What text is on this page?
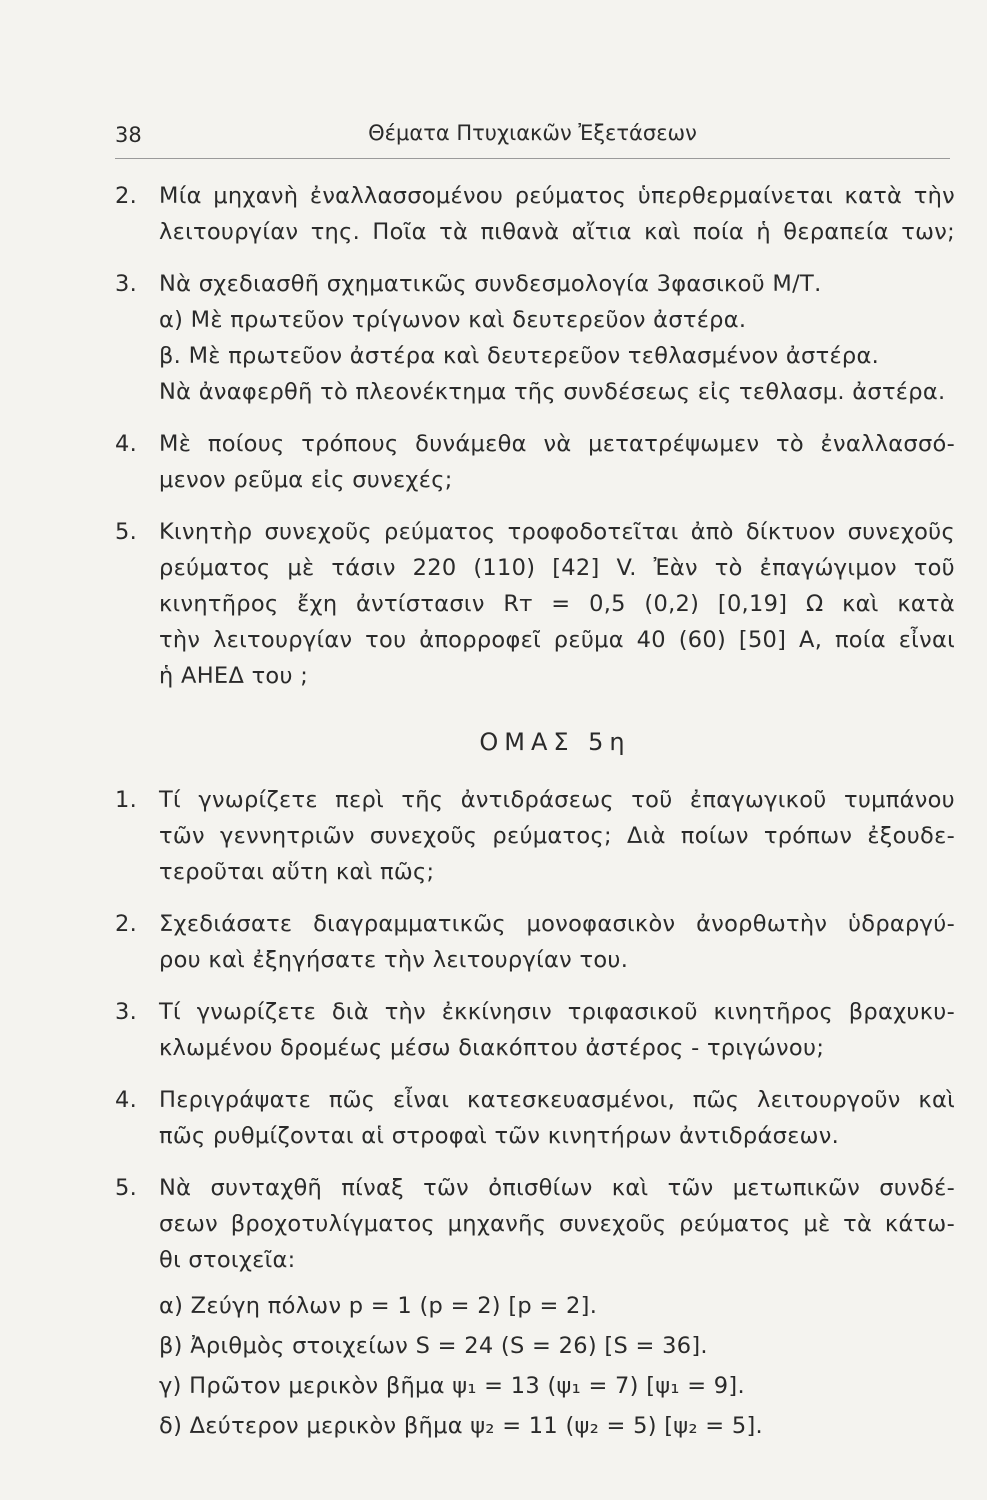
38	Θέματα Πτυχιακῶν Ἐξετάσεων
2. Μία μηχανὴ ἐναλλασσομένου ρεύματος ὑπερθερμαίνεται κατὰ τὴν
λειτουργίαν της. Ποῖα τὰ πιθανὰ αἴτια καὶ ποία ἡ θεραπεία των;
3. Νὰ σχεδιασθῆ σχηματικῶς συνδεσμολογία 3φασικοῦ Μ/Τ.
α) Μὲ πρωτεῦον τρίγωνον καὶ δευτερεῦον ἀστέρα.
β. Μὲ πρωτεῦον ἀστέρα καὶ δευτερεῦον τεθλασμένον ἀστέρα.
Νὰ ἀναφερθῆ τὸ πλεονέκτημα τῆς συνδέσεως εἰς τεθλασμ. ἀστέρα.
4. Μὲ ποίους τρόπους δυνάμεθα νὰ μετατρέψωμεν τὸ ἐναλλασσό-
μενον ρεῦμα εἰς συνεχές;
5. Κινητὴρ συνεχοῦς ρεύματος τροφοδοτεῖται ἀπὸ δίκτυον συνεχοῦς
ρεύματος μὲ τάσιν 220 (110) [42] V. Ἐὰν τὸ ἐπαγώγιμον τοῦ
κινητῆρος ἔχη ἀντίστασιν Rт = 0,5 (0,2) [0,19] Ω καὶ κατὰ
τὴν λειτουργίαν του ἀπορροφεῖ ρεῦμα 40 (60) [50] A, ποία εἶναι
ἡ ΑΗΕΔ του ;
ΟΜΑΣ 5η
1. Τί γνωρίζετε περὶ τῆς ἀντιδράσεως τοῦ ἐπαγωγικοῦ τυμπάνου
τῶν γεννητριῶν συνεχοῦς ρεύματος; Διὰ ποίων τρόπων ἐξουδε-
τεροῦται αὕτη καὶ πῶς;
2. Σχεδιάσατε διαγραμματικῶς μονοφασικὸν ἀνορθωτὴν ὑδραργύ-
ρου καὶ ἐξηγήσατε τὴν λειτουργίαν του.
3. Τί γνωρίζετε διὰ τὴν ἐκκίνησιν τριφασικοῦ κινητῆρος βραχυκυ-
κλωμένου δρομέως μέσω διακόπτου ἀστέρος - τριγώνου;
4. Περιγράψατε πῶς εἶναι κατεσκευασμένοι, πῶς λειτουργοῦν καὶ
πῶς ρυθμίζονται αἱ στροφαὶ τῶν κινητήρων ἀντιδράσεων.
5. Νὰ συνταχθῆ πίναξ τῶν ὀπισθίων καὶ τῶν μετωπικῶν συνδέ-
σεων βροχοτυλίγματος μηχανῆς συνεχοῦς ρεύματος μὲ τὰ κάτω-
θι στοιχεῖα:
α) Ζεύγη πόλων p = 1 (p = 2) [p = 2].
β) Ἀριθμὸς στοιχείων S = 24 (S = 26) [S = 36].
γ) Πρῶτον μερικὸν βῆμα ψ₁ = 13 (ψ₁ = 7) [ψ₁ = 9].
δ) Δεύτερον μερικὸν βῆμα ψ₂ = 11 (ψ₂ = 5) [ψ₂ = 5].
